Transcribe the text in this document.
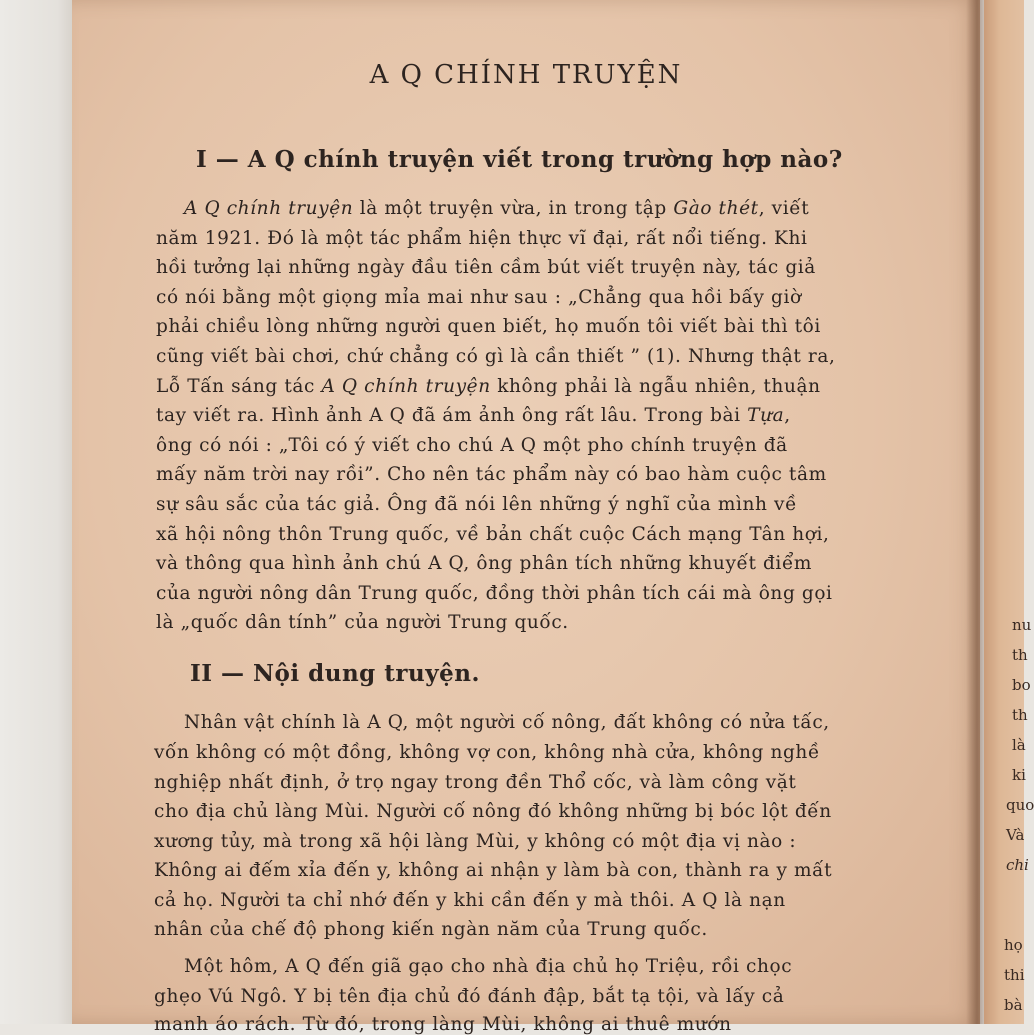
A Q CHÍNH TRUYỆN
I — A Q chính truyện viết trong trường hợp nào?
A Q chính truyện là một truyện vừa, in trong tập Gào thét, viết
năm 1921. Đó là một tác phẩm hiện thực vĩ đại, rất nổi tiếng. Khi
hồi tưởng lại những ngày đầu tiên cầm bút viết truyện này, tác giả
có nói bằng một giọng mỉa mai như sau : „Chẳng qua hồi bấy giờ
phải chiều lòng những người quen biết, họ muốn tôi viết bài thì tôi
cũng viết bài chơi, chứ chẳng có gì là cần thiết ” (1). Nhưng thật ra,
Lỗ Tấn sáng tác A Q chính truyện không phải là ngẫu nhiên, thuận
tay viết ra. Hình ảnh A Q đã ám ảnh ông rất lâu. Trong bài Tựa,
ông có nói : „Tôi có ý viết cho chú A Q một pho chính truyện đã
mấy năm trời nay rồi”. Cho nên tác phẩm này có bao hàm cuộc tâm
sự sâu sắc của tác giả. Ông đã nói lên những ý nghĩ của mình về
xã hội nông thôn Trung quốc, về bản chất cuộc Cách mạng Tân hợi,
và thông qua hình ảnh chú A Q, ông phân tích những khuyết điểm
của người nông dân Trung quốc, đồng thời phân tích cái mà ông gọi
là „quốc dân tính” của người Trung quốc.
II — Nội dung truyện.
Nhân vật chính là A Q, một người cố nông, đất không có nửa tấc,
vốn không có một đồng, không vợ con, không nhà cửa, không nghề
nghiệp nhất định, ở trọ ngay trong đền Thổ cốc, và làm công vặt
cho địa chủ làng Mùi. Người cố nông đó không những bị bóc lột đến
xương tủy, mà trong xã hội làng Mùi, y không có một địa vị nào :
Không ai đếm xỉa đến y, không ai nhận y làm bà con, thành ra y mất
cả họ. Người ta chỉ nhớ đến y khi cần đến y mà thôi. A Q là nạn
nhân của chế độ phong kiến ngàn năm của Trung quốc.
Một hôm, A Q đến giã gạo cho nhà địa chủ họ Triệu, rồi chọc
ghẹo Vú Ngô. Y bị tên địa chủ đó đánh đập, bắt tạ tội, và lấy cả
manh áo rách. Từ đó, trong làng Mùi, không ai thuê mướn
nu
th
bo
th
là
ki
quo
Và
chi
họ
thi
bà
